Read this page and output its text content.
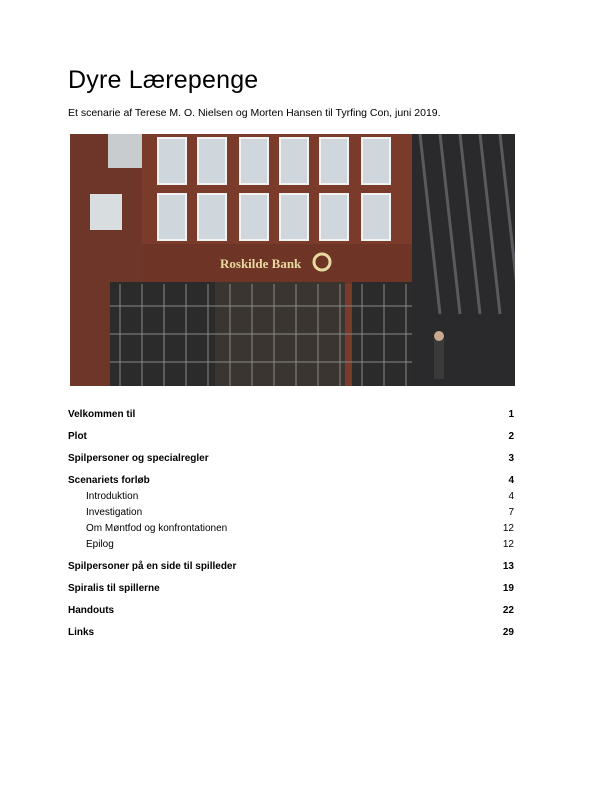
Dyre Lærepenge

Et scenarie af Terese M. O. Nielsen og Morten Hansen til Tyrfing Con, juni 2019.

Roskilde Bank
Velkommen til	1
Plot	2
Spilpersoner og specialregler	3
Scenariets forløb	4
Introduktion	4
Investigation	7
Om Møntfod og konfrontationen	12
Epilog	12
Spilpersoner på en side til spilleder	13
Spiralis til spillerne	19
Handouts	22
Links	29
